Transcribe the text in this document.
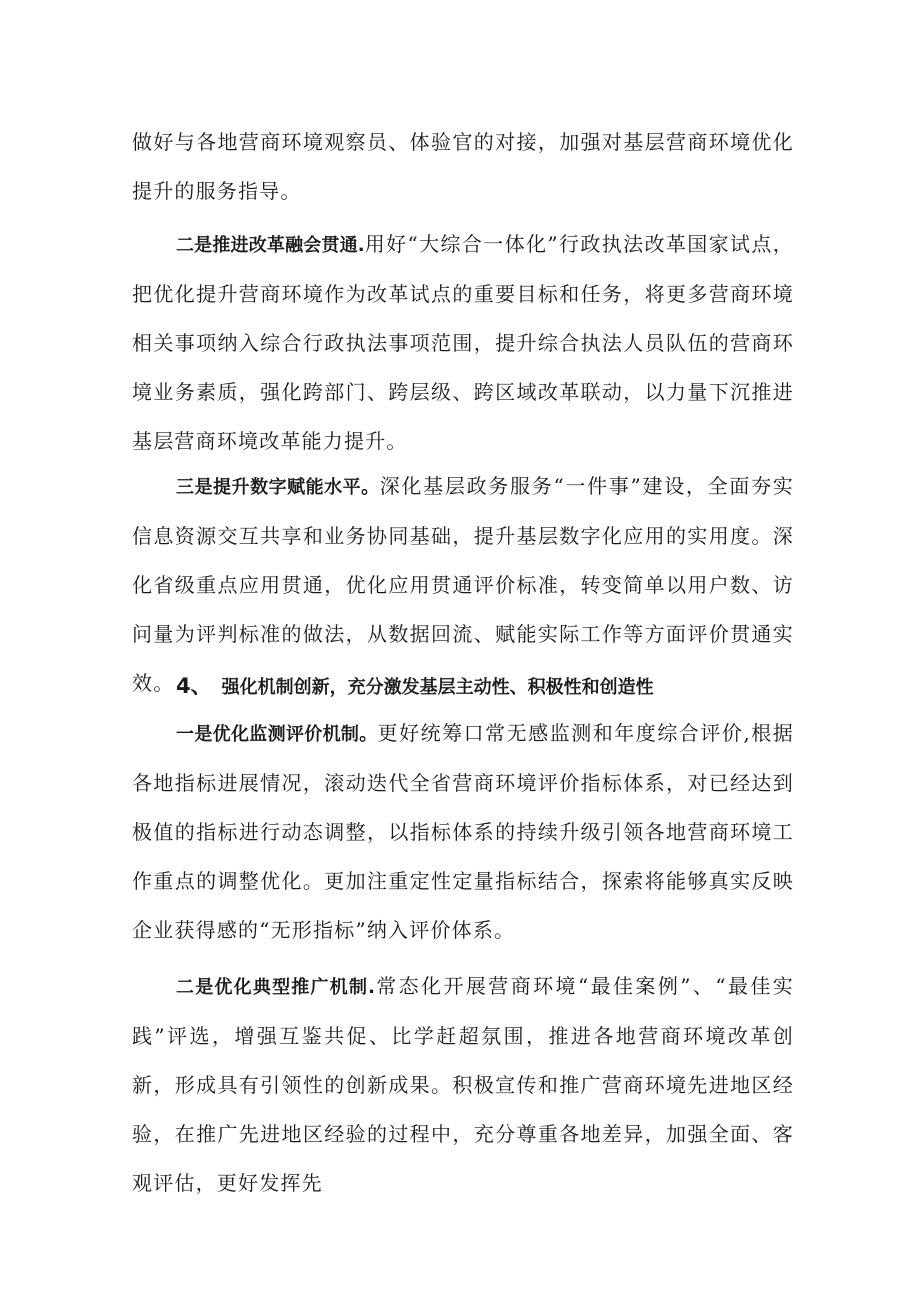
做好与各地营商环境观察员、体验官的对接，加强对基层营商环境优化提升的服务指导。

二是推进改革融会贯通.用好“大综合一体化”行政执法改革国家试点，把优化提升营商环境作为改革试点的重要目标和任务，将更多营商环境相关事项纳入综合行政执法事项范围，提升综合执法人员队伍的营商环境业务素质，强化跨部门、跨层级、跨区域改革联动，以力量下沉推进基层营商环境改革能力提升。

三是提升数字赋能水平。深化基层政务服务“一件事”建设，全面夯实信息资源交互共享和业务协同基础，提升基层数字化应用的实用度。深化省级重点应用贯通，优化应用贯通评价标准，转变简单以用户数、访问量为评判标准的做法，从数据回流、赋能实际工作等方面评价贯通实效。 4、 强化机制创新，充分激发基层主动性、积极性和创造性

一是优化监测评价机制。更好统筹口常无感监测和年度综合评价,根据各地指标进展情况，滚动迭代全省营商环境评价指标体系，对已经达到极值的指标进行动态调整，以指标体系的持续升级引领各地营商环境工作重点的调整优化。更加注重定性定量指标结合，探索将能够真实反映企业获得感的“无形指标”纳入评价体系。

二是优化典型推广机制.常态化开展营商环境“最佳案例”、“最佳实践”评选，增强互鉴共促、比学赶超氛围，推进各地营商环境改革创新，形成具有引领性的创新成果。积极宣传和推广营商环境先进地区经验，在推广先进地区经验的过程中，充分尊重各地差异，加强全面、客观评估，更好发挥先
